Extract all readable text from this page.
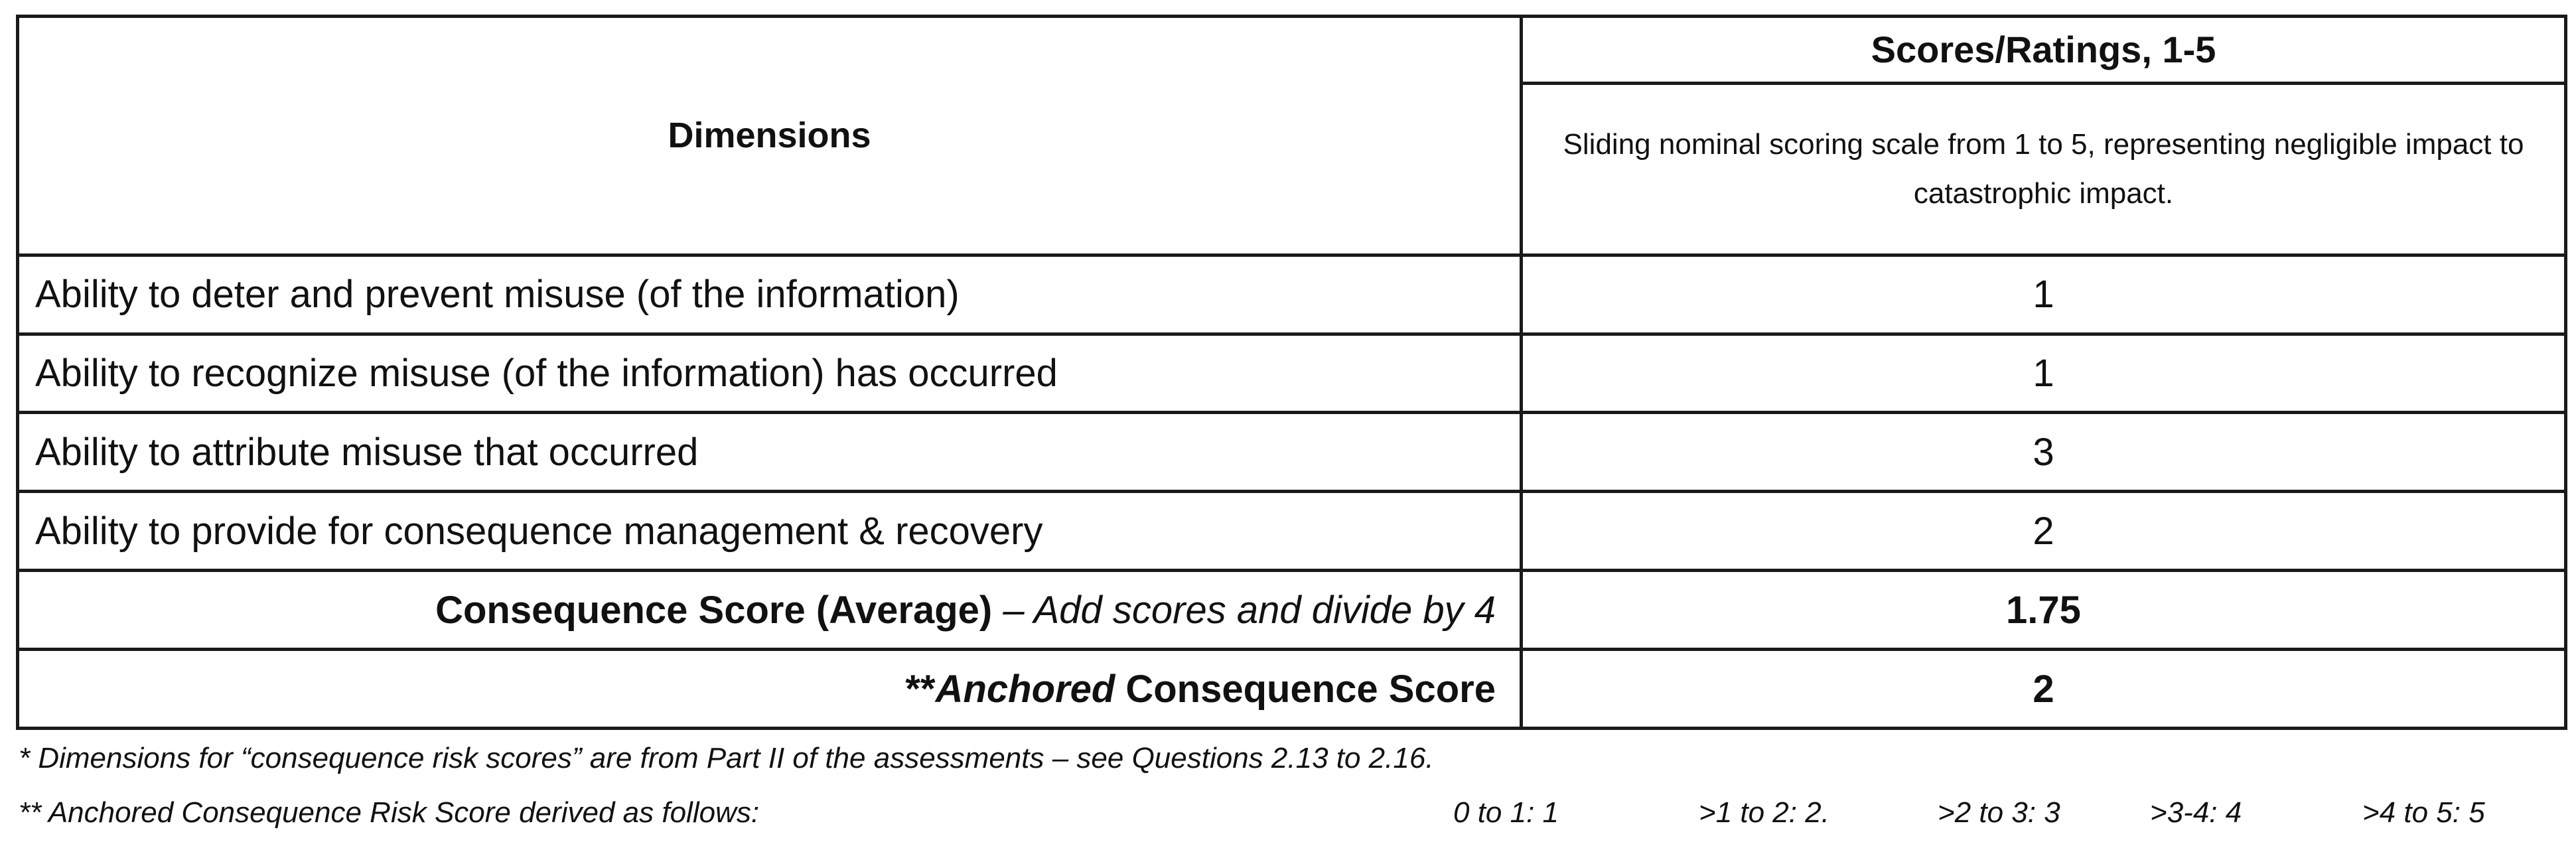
Dimensions	Scores/Ratings, 1-5
	Sliding nominal scoring scale from 1 to 5, representing negligible impact to catastrophic impact.
Ability to deter and prevent misuse (of the information)	1
Ability to recognize misuse (of the information) has occurred	1
Ability to attribute misuse that occurred	3
Ability to provide for consequence management & recovery	2
Consequence Score (Average) – Add scores and divide by 4	1.75
**Anchored Consequence Score	2
* Dimensions for “consequence risk scores” are from Part II of the assessments – see Questions 2.13 to 2.16.
** Anchored Consequence Risk Score derived as follows:	0 to 1: 1	>1 to 2: 2.	>2 to 3: 3	>3-4: 4	>4 to 5: 5
